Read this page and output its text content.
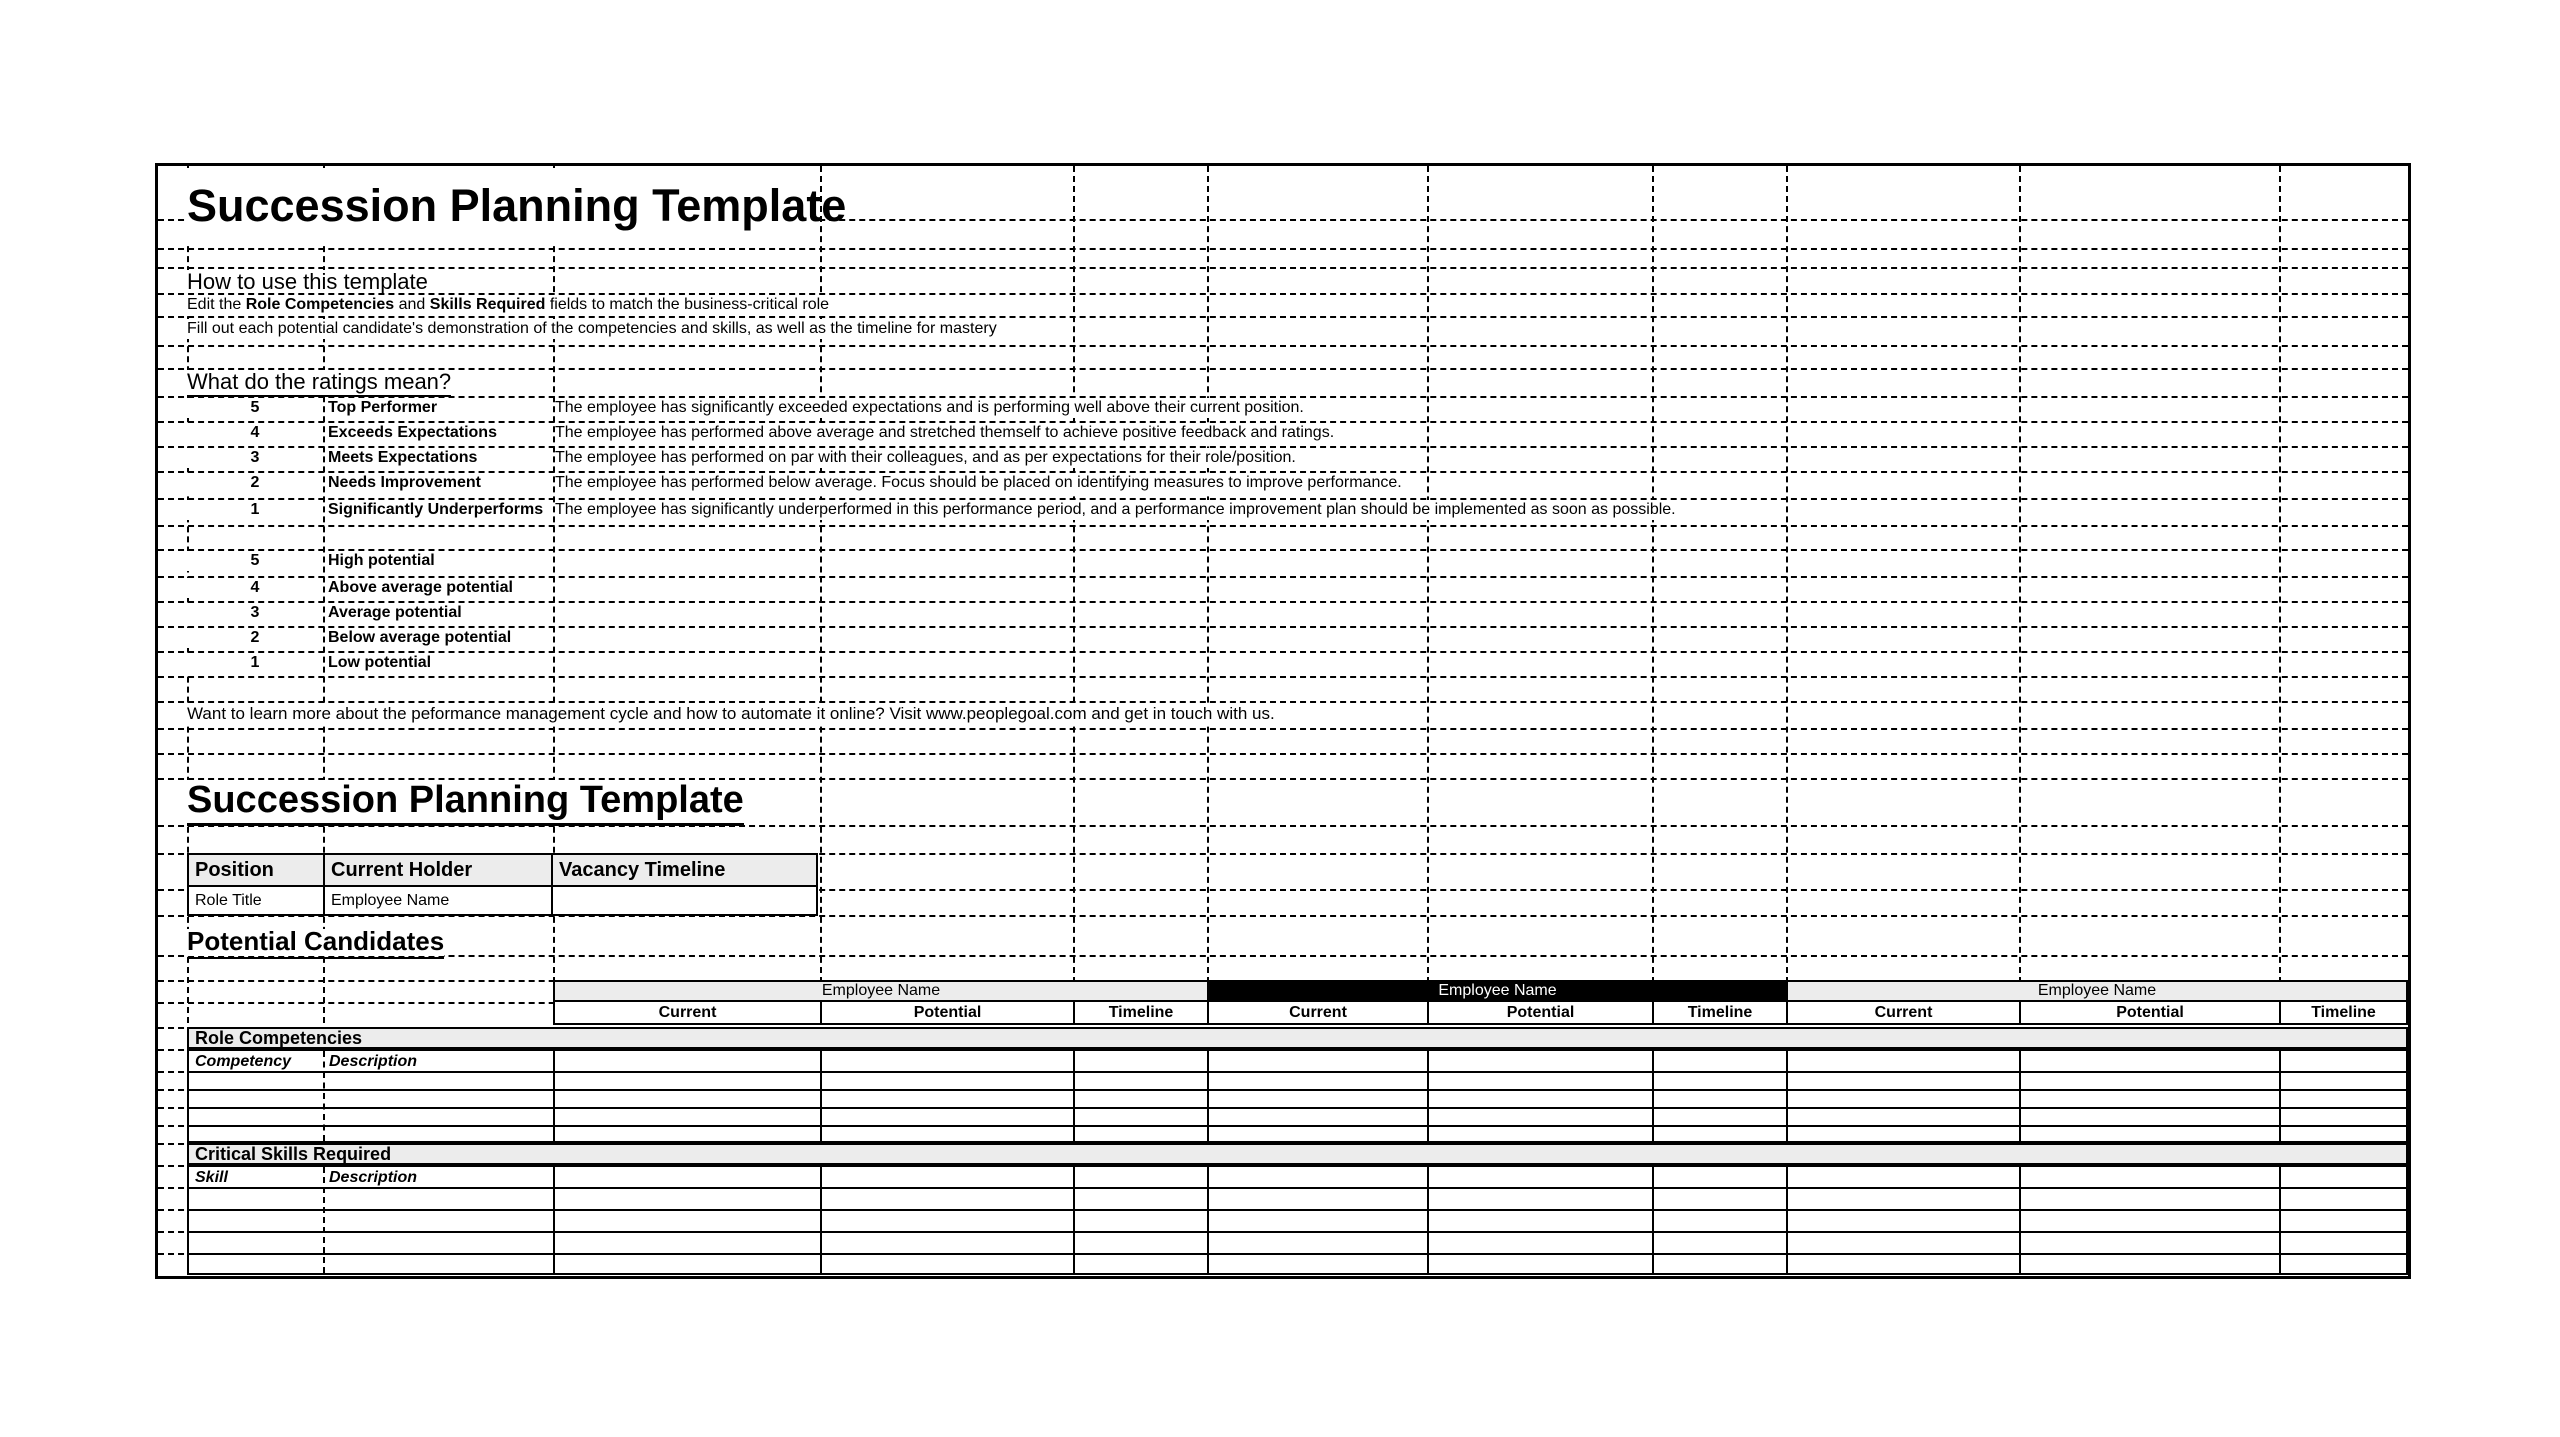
Succession Planning Template
How to use this template
Edit the Role Competencies and Skills Required fields to match the business-critical role
Fill out each potential candidate's demonstration of the competencies and skills, as well as the timeline for mastery
What do the ratings mean?
5	Top Performer	The employee has significantly exceeded expectations and is performing well above their current position.
4	Exceeds Expectations	The employee has performed above average and stretched themself to achieve positive feedback and ratings.
3	Meets Expectations	The employee has performed on par with their colleagues, and as per expectations for their role/position.
2	Needs Improvement	The employee has performed below average. Focus should be placed on identifying measures to improve performance.
1	Significantly Underperforms The employee has significantly underperformed in this performance period, and a performance improvement plan should be implemented as soon as possible.
5	High potential
4	Above average potential
3	Average potential
2	Below average potential
1	Low potential
Want to learn more about the peformance management cycle and how to automate it online? Visit www.peoplegoal.com and get in touch with us.
Succession Planning Template
Position	Current Holder	Vacancy Timeline
Role Title	Employee Name
Potential Candidates
Employee Name	Employee Name	Employee Name
Current	Potential	Timeline	Current	Potential	Timeline	Current	Potential	Timeline
Role Competencies
Competency Description
Critical Skills Required
Skill	Description
